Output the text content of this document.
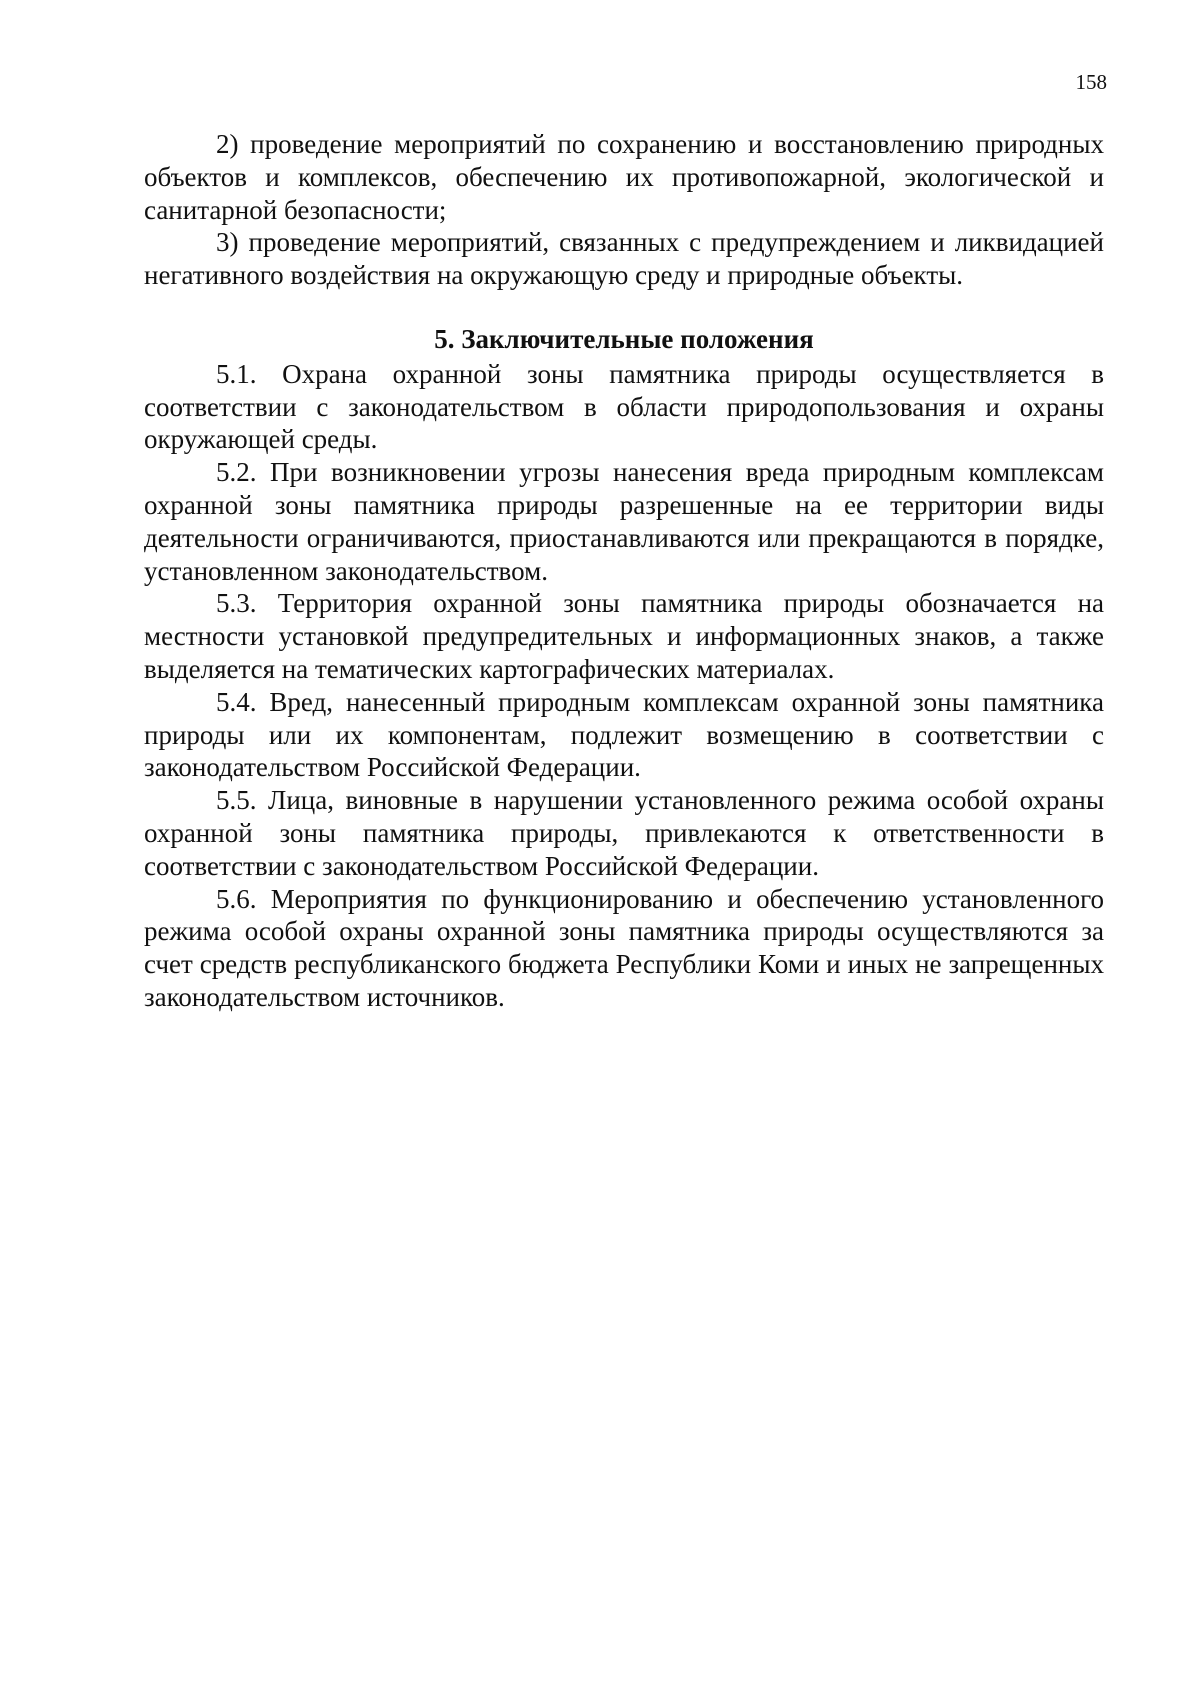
158

2) проведение мероприятий по сохранению и восстановлению природных объектов и комплексов, обеспечению их противопожарной, экологической и санитарной безопасности;

3) проведение мероприятий, связанных с предупреждением и ликвидацией негативного воздействия на окружающую среду и природные объекты.

5. Заключительные положения

5.1. Охрана охранной зоны памятника природы осуществляется в соответствии с законодательством в области природопользования и охраны окружающей среды.

5.2. При возникновении угрозы нанесения вреда природным комплексам охранной зоны памятника природы разрешенные на ее территории виды деятельности ограничиваются, приостанавливаются или прекращаются в порядке, установленном законодательством.

5.3. Территория охранной зоны памятника природы обозначается на местности установкой предупредительных и информационных знаков, а также выделяется на тематических картографических материалах.

5.4. Вред, нанесенный природным комплексам охранной зоны памятника природы или их компонентам, подлежит возмещению в соответствии с законодательством Российской Федерации.

5.5. Лица, виновные в нарушении установленного режима особой охраны охранной зоны памятника природы, привлекаются к ответственности в соответствии с законодательством Российской Федерации.

5.6. Мероприятия по функционированию и обеспечению установленного режима особой охраны охранной зоны памятника природы осуществляются за счет средств республиканского бюджета Республики Коми и иных не запрещенных законодательством источников.
